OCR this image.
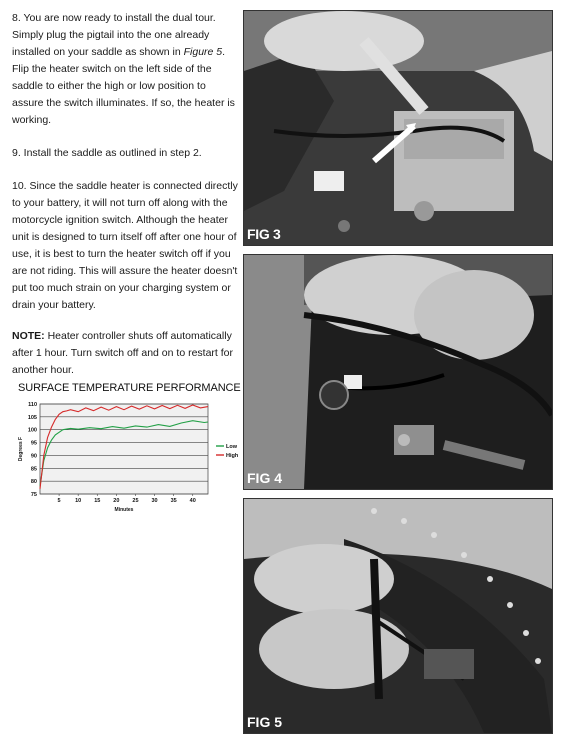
8. You are now ready to install the dual tour. Simply plug the pigtail into the one already installed on your saddle as shown in Figure 5. Flip the heater switch on the left side of the saddle to either the high or low position to assure the switch illuminates. If so, the heater is working.

9. Install the saddle as outlined in step 2.

10. Since the saddle heater is connected directly to your battery, it will not turn off along with the motorcycle ignition switch. Although the heater unit is designed to turn itself off after one hour of use, it is best to turn the heater switch off if you are not riding. This will assure the heater doesn't put too much strain on your charging system or drain your battery.

NOTE: Heater controller shuts off automatically after 1 hour. Turn switch off and on to restart for another hour.

SURFACE TEMPERATURE PERFORMANCE
75
80
85
90
95
100
105
110
5	10 15 20 25 30 35 40
Minutes
Degrees F	Low
High
FIG 3
FIG 4
FIG 5
